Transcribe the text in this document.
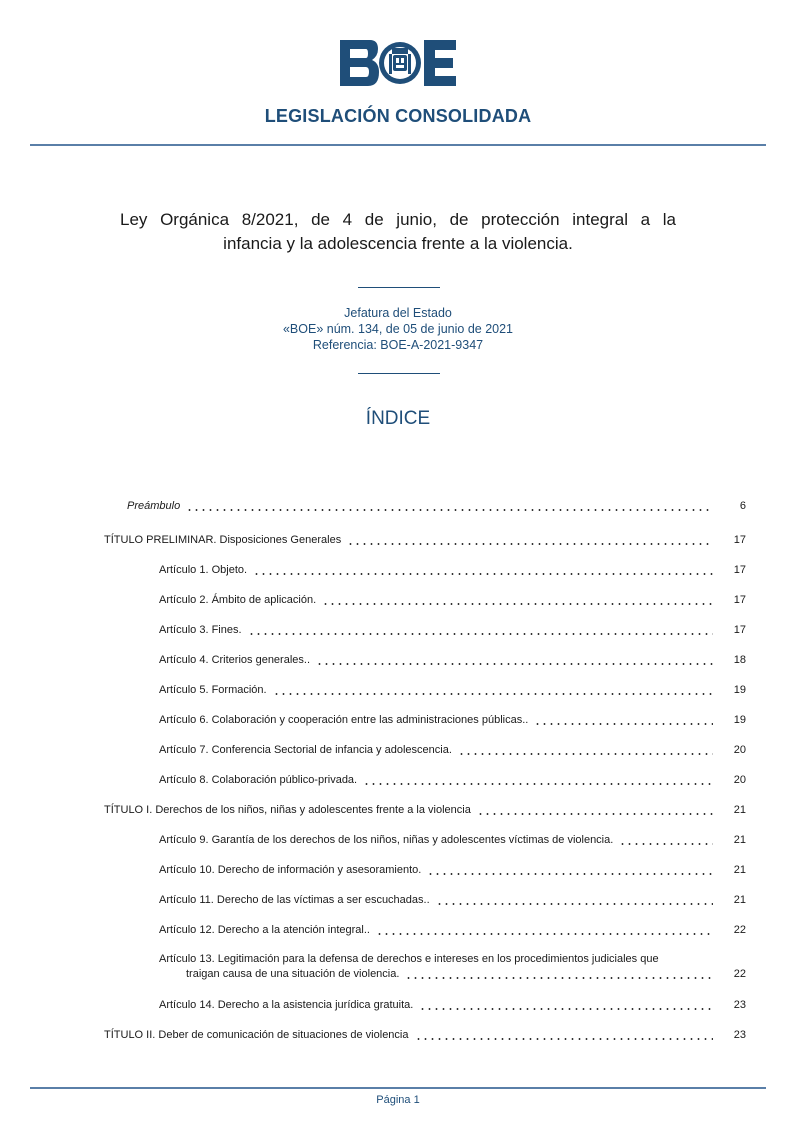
LEGISLACIÓN CONSOLIDADA
Ley Orgánica 8/2021, de 4 de junio, de protección integral a la
infancia y la adolescencia frente a la violencia.
Jefatura del Estado
«BOE» núm. 134, de 05 de junio de 2021
Referencia: BOE-A-2021-9347
ÍNDICE
Preámbulo	6
TÍTULO PRELIMINAR. Disposiciones Generales	17
Artículo 1. Objeto.	17
Artículo 2. Ámbito de aplicación.	17
Artículo 3. Fines.	17
Artículo 4. Criterios generales..	18
Artículo 5. Formación.	19
Artículo 6. Colaboración y cooperación entre las administraciones públicas..	19
Artículo 7. Conferencia Sectorial de infancia y adolescencia.	20
Artículo 8. Colaboración público-privada.	20
TÍTULO I. Derechos de los niños, niñas y adolescentes frente a la violencia	21
Artículo 9. Garantía de los derechos de los niños, niñas y adolescentes víctimas de violencia.	21
Artículo 10. Derecho de información y asesoramiento.	21
Artículo 11. Derecho de las víctimas a ser escuchadas..	21
Artículo 12. Derecho a la atención integral..	22
Artículo 13. Legitimación para la defensa de derechos e intereses en los procedimientos judiciales que
traigan causa de una situación de violencia.	22
Artículo 14. Derecho a la asistencia jurídica gratuita.	23
TÍTULO II. Deber de comunicación de situaciones de violencia	23
Página 1
